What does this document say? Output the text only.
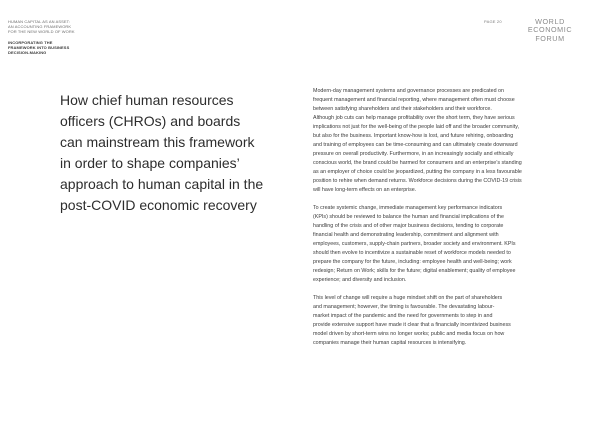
HUMAN CAPITAL AS AN ASSET:
AN ACCOUNTING FRAMEWORK
FOR THE NEW WORLD OF WORK
INCORPORATING THE
FRAMEWORK INTO BUSINESS
DECISION-MAKING
PAGE 20	WORLD
ECONOMIC
FORUM
How chief human resources
officers (CHROs) and boards
can mainstream this framework
in order to shape companies’
approach to human capital in the
post-COVID economic recovery

Modern-day management systems and governance processes are predicated on
frequent management and financial reporting, where management often must choose
between satisfying shareholders and their stakeholders and their workforce.
Although job cuts can help manage profitability over the short term, they have serious
implications not just for the well-being of the people laid off and the broader community,
but also for the business. Important know-how is lost, and future rehiring, onboarding
and training of employees can be time-consuming and can ultimately create downward
pressure on overall productivity. Furthermore, in an increasingly socially and ethically
conscious world, the brand could be harmed for consumers and an enterprise’s standing
as an employer of choice could be jeopardized, putting the company in a less favourable
position to rehire when demand returns. Workforce decisions during the COVID-19 crisis
will have long-term effects on an enterprise.

To create systemic change, immediate management key performance indicators
(KPIs) should be reviewed to balance the human and financial implications of the
handling of the crisis and of other major business decisions, tending to corporate
financial health and demonstrating leadership, commitment and alignment with
employees, customers, supply-chain partners, broader society and environment. KPIs
should then evolve to incentivize a sustainable reset of workforce models needed to
prepare the company for the future, including: employee health and well-being; work
redesign; Return on Work; skills for the future; digital enablement; quality of employee
experience; and diversity and inclusion.

This level of change will require a huge mindset shift on the part of shareholders
and management; however, the timing is favourable. The devastating labour-
market impact of the pandemic and the need for governments to step in and
provide extensive support have made it clear that a financially incentivized business
model driven by short-term wins no longer works; public and media focus on how
companies manage their human capital resources is intensifying.
